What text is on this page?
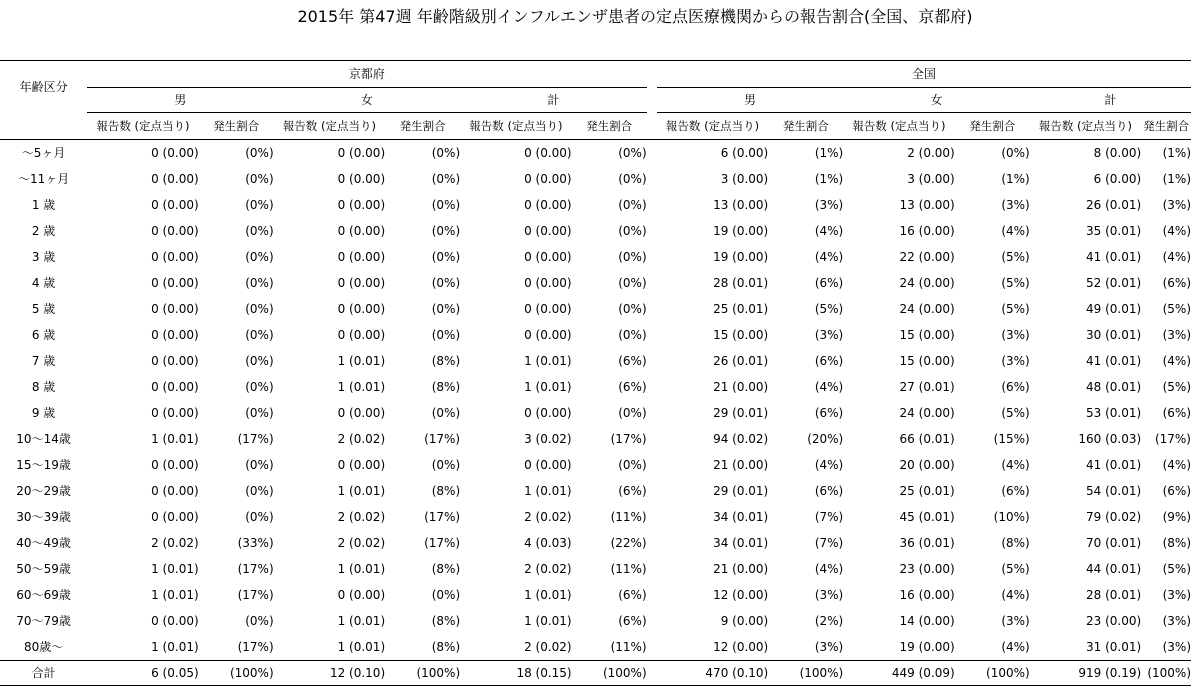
2015年 第47週 年齢階級別インフルエンザ患者の定点医療機関からの報告割合(全国、京都府)
年齢区分	京都府							全国					
	男		女		計			男		女		計	
	報告数 (定点当り)	発生割合	報告数 (定点当り)	発生割合	報告数 (定点当り)	発生割合		報告数 (定点当り)	発生割合	報告数 (定点当り)	発生割合	報告数 (定点当り)	発生割合
〜5ヶ月	0 (0.00)	(0%)	0 (0.00)	(0%)	0 (0.00)	(0%)		6 (0.00)	(1%)	2 (0.00)	(0%)	8 (0.00)	(1%)
〜11ヶ月	0 (0.00)	(0%)	0 (0.00)	(0%)	0 (0.00)	(0%)		3 (0.00)	(1%)	3 (0.00)	(1%)	6 (0.00)	(1%)
1 歳	0 (0.00)	(0%)	0 (0.00)	(0%)	0 (0.00)	(0%)		13 (0.00)	(3%)	13 (0.00)	(3%)	26 (0.01)	(3%)
2 歳	0 (0.00)	(0%)	0 (0.00)	(0%)	0 (0.00)	(0%)		19 (0.00)	(4%)	16 (0.00)	(4%)	35 (0.01)	(4%)
3 歳	0 (0.00)	(0%)	0 (0.00)	(0%)	0 (0.00)	(0%)		19 (0.00)	(4%)	22 (0.00)	(5%)	41 (0.01)	(4%)
4 歳	0 (0.00)	(0%)	0 (0.00)	(0%)	0 (0.00)	(0%)		28 (0.01)	(6%)	24 (0.00)	(5%)	52 (0.01)	(6%)
5 歳	0 (0.00)	(0%)	0 (0.00)	(0%)	0 (0.00)	(0%)		25 (0.01)	(5%)	24 (0.00)	(5%)	49 (0.01)	(5%)
6 歳	0 (0.00)	(0%)	0 (0.00)	(0%)	0 (0.00)	(0%)		15 (0.00)	(3%)	15 (0.00)	(3%)	30 (0.01)	(3%)
7 歳	0 (0.00)	(0%)	1 (0.01)	(8%)	1 (0.01)	(6%)		26 (0.01)	(6%)	15 (0.00)	(3%)	41 (0.01)	(4%)
8 歳	0 (0.00)	(0%)	1 (0.01)	(8%)	1 (0.01)	(6%)		21 (0.00)	(4%)	27 (0.01)	(6%)	48 (0.01)	(5%)
9 歳	0 (0.00)	(0%)	0 (0.00)	(0%)	0 (0.00)	(0%)		29 (0.01)	(6%)	24 (0.00)	(5%)	53 (0.01)	(6%)
10〜14歳	1 (0.01)	(17%)	2 (0.02)	(17%)	3 (0.02)	(17%)		94 (0.02)	(20%)	66 (0.01)	(15%)	160 (0.03)	(17%)
15〜19歳	0 (0.00)	(0%)	0 (0.00)	(0%)	0 (0.00)	(0%)		21 (0.00)	(4%)	20 (0.00)	(4%)	41 (0.01)	(4%)
20〜29歳	0 (0.00)	(0%)	1 (0.01)	(8%)	1 (0.01)	(6%)		29 (0.01)	(6%)	25 (0.01)	(6%)	54 (0.01)	(6%)
30〜39歳	0 (0.00)	(0%)	2 (0.02)	(17%)	2 (0.02)	(11%)		34 (0.01)	(7%)	45 (0.01)	(10%)	79 (0.02)	(9%)
40〜49歳	2 (0.02)	(33%)	2 (0.02)	(17%)	4 (0.03)	(22%)		34 (0.01)	(7%)	36 (0.01)	(8%)	70 (0.01)	(8%)
50〜59歳	1 (0.01)	(17%)	1 (0.01)	(8%)	2 (0.02)	(11%)		21 (0.00)	(4%)	23 (0.00)	(5%)	44 (0.01)	(5%)
60〜69歳	1 (0.01)	(17%)	0 (0.00)	(0%)	1 (0.01)	(6%)		12 (0.00)	(3%)	16 (0.00)	(4%)	28 (0.01)	(3%)
70〜79歳	0 (0.00)	(0%)	1 (0.01)	(8%)	1 (0.01)	(6%)		9 (0.00)	(2%)	14 (0.00)	(3%)	23 (0.00)	(3%)
80歳〜	1 (0.01)	(17%)	1 (0.01)	(8%)	2 (0.02)	(11%)		12 (0.00)	(3%)	19 (0.00)	(4%)	31 (0.01)	(3%)
合計	6 (0.05)	(100%)	12 (0.10)	(100%)	18 (0.15)	(100%)		470 (0.10)	(100%)	449 (0.09)	(100%)	919 (0.19)	(100%)
